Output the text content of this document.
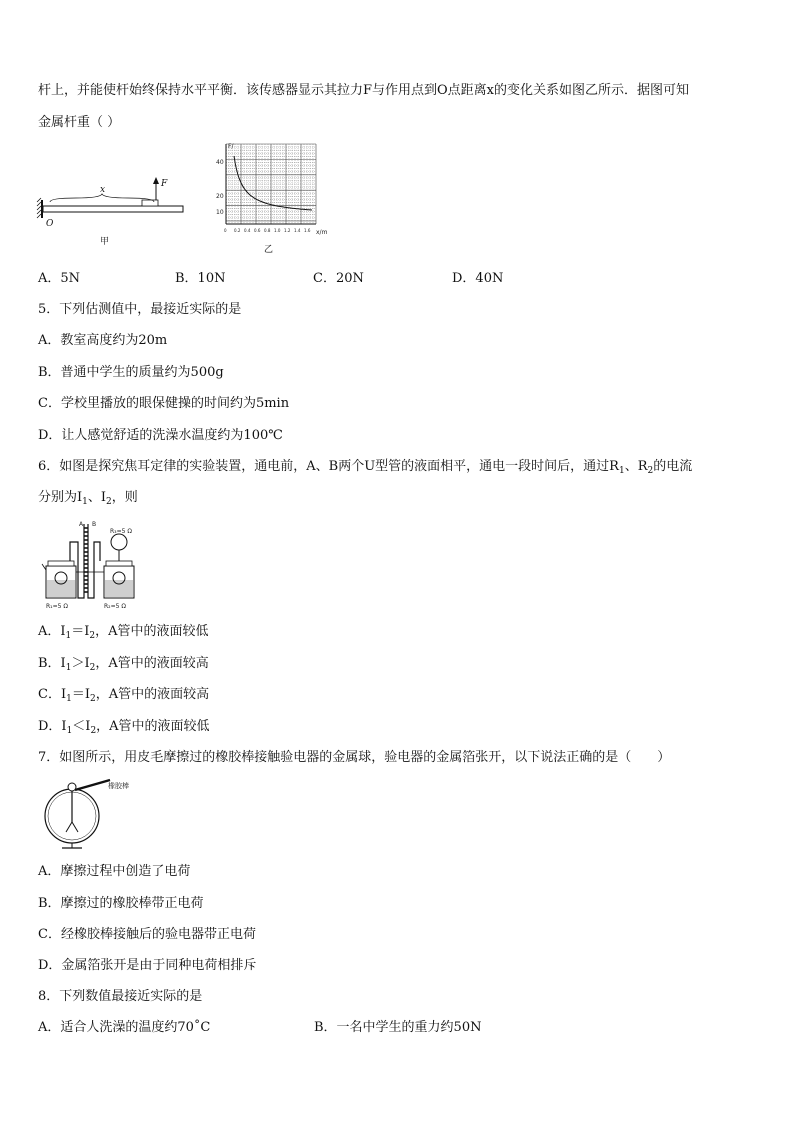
杆上，并能使杆始终保持水平平衡．该传感器显示其拉力F与作用点到O点距离x的变化关系如图乙所示．据图可知
金属杆重（ ）
x
F
O
甲
F/
x/m
40
20
10
0 0.2 0.4 0.6 0.8 1.0 1.2 1.4 1.6
乙
A．5N	B．10N	C．20N	D．40N
5．下列估测值中，最接近实际的是
A．教室高度约为20m
B．普通中学生的质量约为500g
C．学校里播放的眼保健操的时间约为5min
D．让人感觉舒适的洗澡水温度约为100℃
6．如图是探究焦耳定律的实验装置，通电前，A、B两个U型管的液面相平，通电一段时间后，通过$R_1$、$R_2$的电流
分别为$I_1$、$I_2$，则
A B
R₃=5 Ω
R₁=5 Ω	R₂=5 Ω
A．$I_1=I_2$，A管中的液面较低
B．$I_1>I_2$，A管中的液面较高
C．$I_1=I_2$，A管中的液面较高
D．$I_1<I_2$，A管中的液面较低
7．如图所示，用皮毛摩擦过的橡胶棒接触验电器的金属球，验电器的金属箔张开，以下说法正确的是（　　）
橡胶棒
A．摩擦过程中创造了电荷
B．摩擦过的橡胶棒带正电荷
C．经橡胶棒接触后的验电器带正电荷
D．金属箔张开是由于同种电荷相排斥
8．下列数值最接近实际的是
A．适合人洗澡的温度约70˚C	B．一名中学生的重力约50N
